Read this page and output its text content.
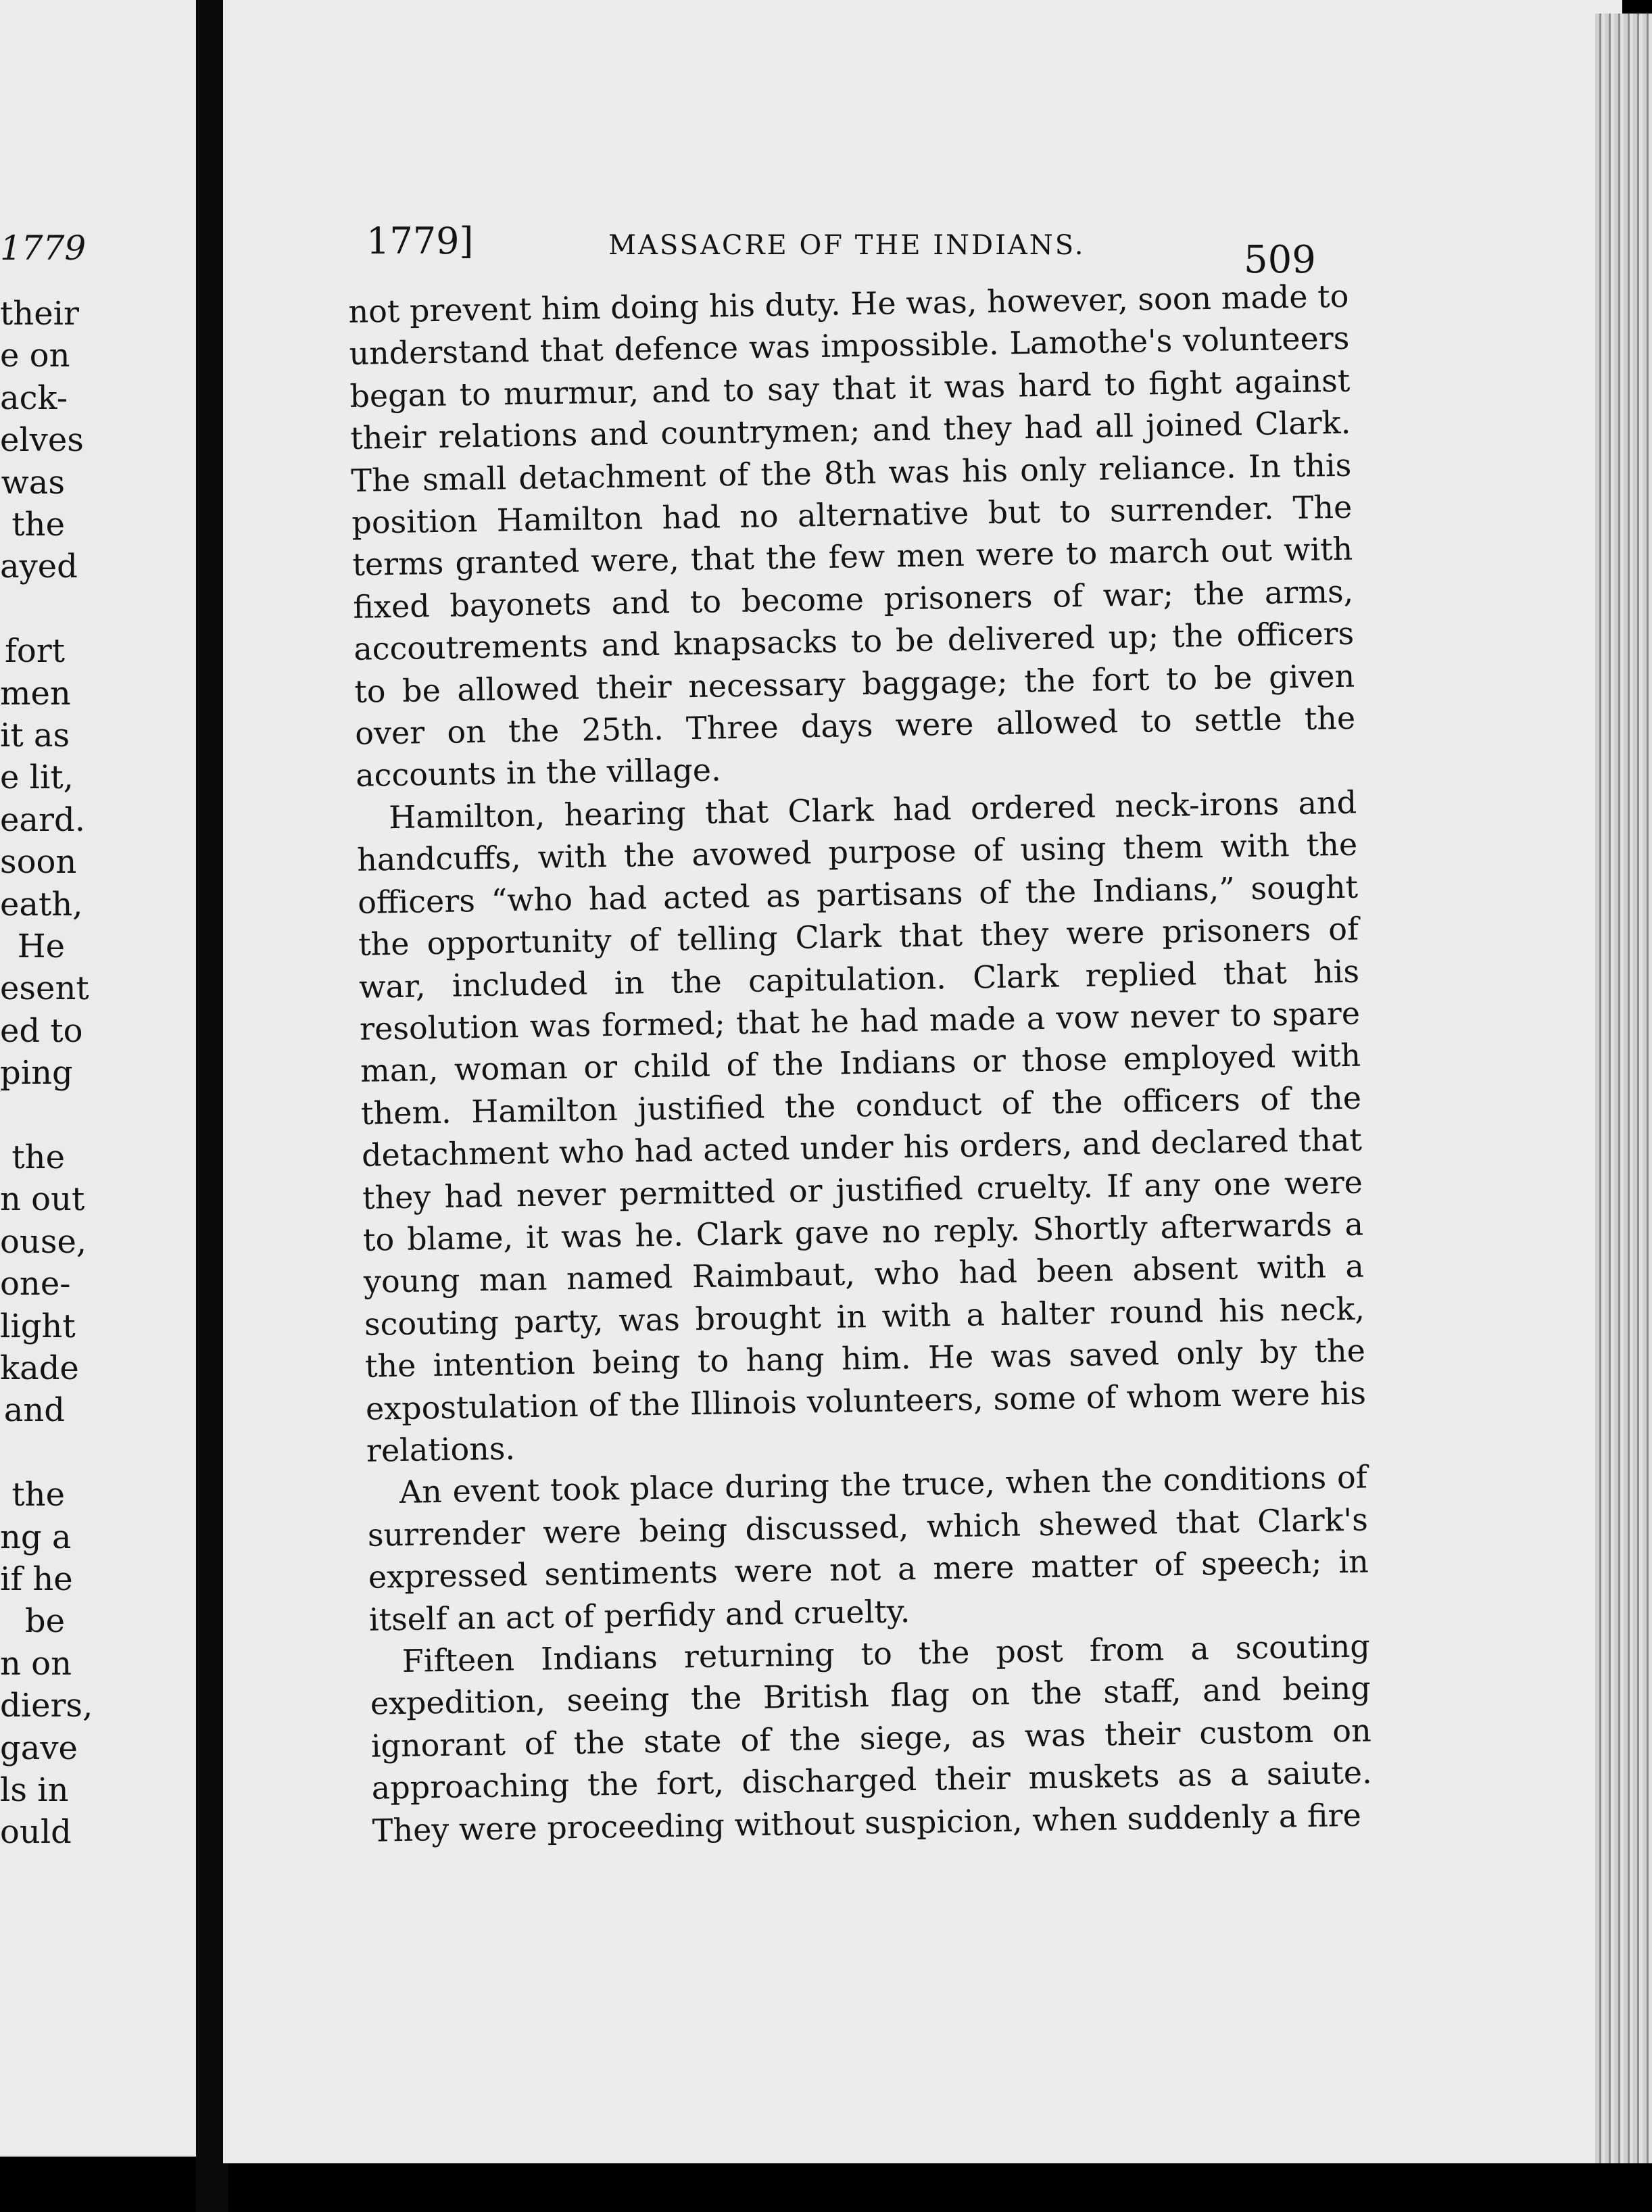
1779
their
e on
ack-
elves
was
the
ayed
fort
men
it as
e lit,
eard.
soon
eath,
He
esent
ed to
ping
the
n out
ouse,
one-
light
kade
and
the
ng a
if he
be
n on
diers,
gave
ls in
ould
1779]	MASSACRE OF THE INDIANS.	509

not prevent him doing his duty. He was, however, soon made to understand that defence was impossible. Lamothe's volunteers began to murmur, and to say that it was hard to fight against their relations and countrymen; and they had all joined Clark. The small detachment of the 8th was his only reliance. In this position Hamilton had no alternative but to surrender. The terms granted were, that the few men were to march out with fixed bayonets and to become prisoners of war; the arms, accoutrements and knapsacks to be delivered up; the officers to be allowed their necessary baggage; the fort to be given over on the 25th. Three days were allowed to settle the accounts in the village.

Hamilton, hearing that Clark had ordered neck-irons and handcuffs, with the avowed purpose of using them with the officers “who had acted as partisans of the Indians,” sought the opportunity of telling Clark that they were prisoners of war, included in the capitulation. Clark replied that his resolution was formed; that he had made a vow never to spare man, woman or child of the Indians or those employed with them. Hamilton justified the conduct of the officers of the detachment who had acted under his orders, and declared that they had never permitted or justified cruelty. If any one were to blame, it was he. Clark gave no reply. Shortly afterwards a young man named Raimbaut, who had been absent with a scouting party, was brought in with a halter round his neck, the intention being to hang him. He was saved only by the expostulation of the Illinois volunteers, some of whom were his relations.

An event took place during the truce, when the conditions of surrender were being discussed, which shewed that Clark's expressed sentiments were not a mere matter of speech; in itself an act of perfidy and cruelty.

Fifteen Indians returning to the post from a scouting expedition, seeing the British flag on the staff, and being ignorant of the state of the siege, as was their custom on approaching the fort, discharged their muskets as a saiute. They were proceeding without suspicion, when suddenly a fire
